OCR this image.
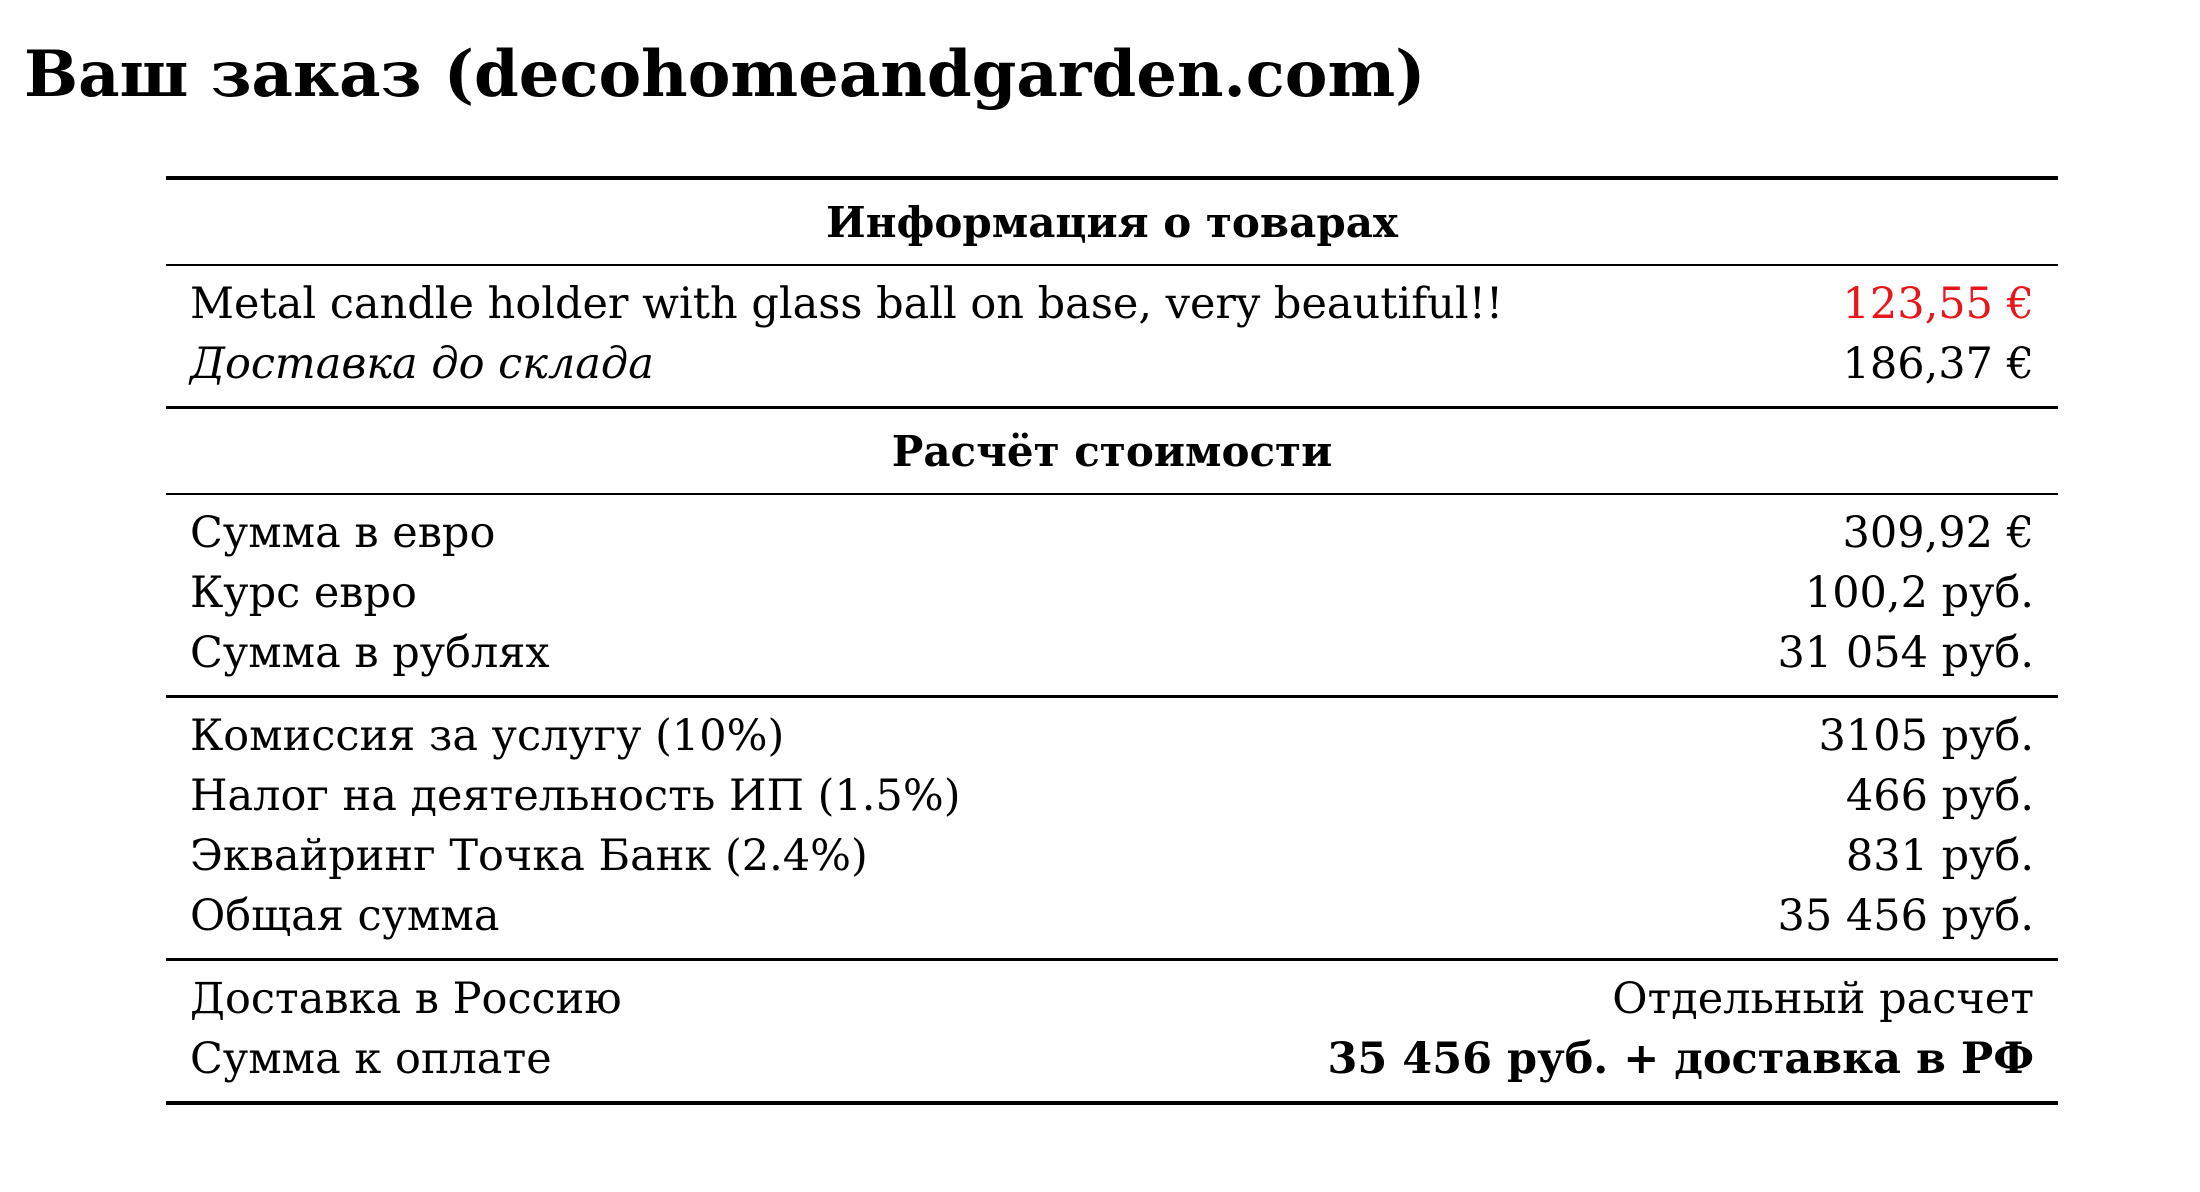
Ваш заказ (decohomeandgarden.com)
Информация о товарах
Metal candle holder with glass ball on base, very beautiful!!	123,55 €
Доставка до склада	186,37 €
Расчёт стоимости
Сумма в евро	309,92 €
Курс евро	100,2 руб.
Сумма в рублях	31 054 руб.
Комиссия за услугу (10%)	3105 руб.
Налог на деятельность ИП (1.5%)	466 руб.
Эквайринг Точка Банк (2.4%)	831 руб.
Общая сумма	35 456 руб.
Доставка в Россию	Отдельный расчет
Сумма к оплате	35 456 руб. + доставка в РФ
